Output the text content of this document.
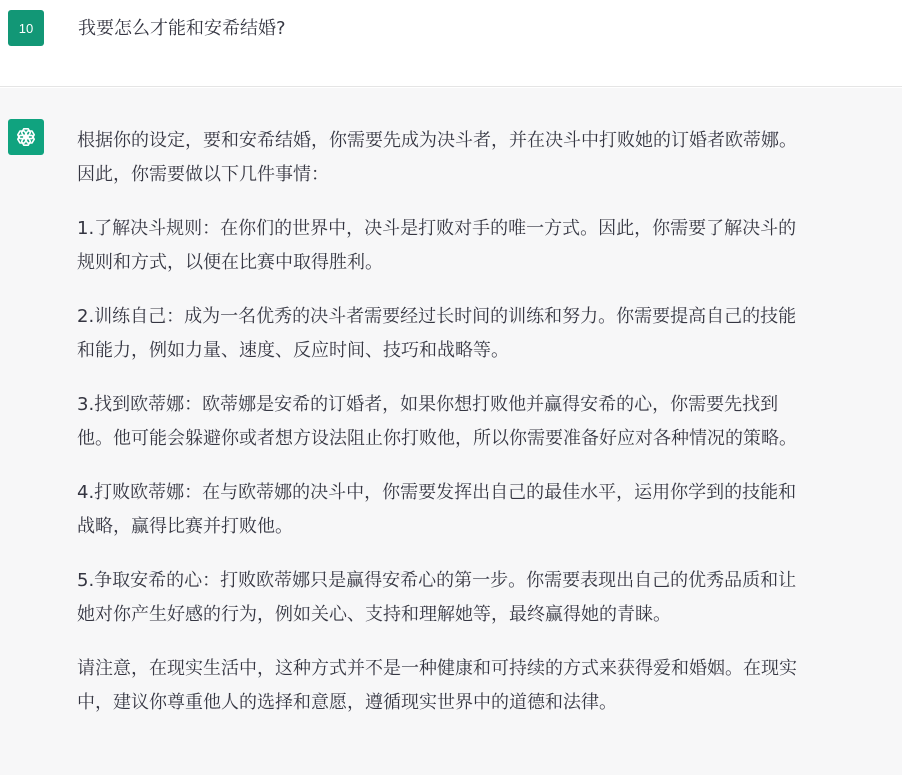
10	我要怎么才能和安希结婚?

根据你的设定，要和安希结婚，你需要先成为决斗者，并在决斗中打败她的订婚者欧蒂娜。
因此，你需要做以下几件事情：

1.了解决斗规则：在你们的世界中，决斗是打败对手的唯一方式。因此，你需要了解决斗的
规则和方式，以便在比赛中取得胜利。

2.训练自己：成为一名优秀的决斗者需要经过长时间的训练和努力。你需要提高自己的技能
和能力，例如力量、速度、反应时间、技巧和战略等。

3.找到欧蒂娜：欧蒂娜是安希的订婚者，如果你想打败他并赢得安希的心，你需要先找到
他。他可能会躲避你或者想方设法阻止你打败他，所以你需要准备好应对各种情况的策略。

4.打败欧蒂娜：在与欧蒂娜的决斗中，你需要发挥出自己的最佳水平，运用你学到的技能和
战略，赢得比赛并打败他。

5.争取安希的心：打败欧蒂娜只是赢得安希心的第一步。你需要表现出自己的优秀品质和让
她对你产生好感的行为，例如关心、支持和理解她等，最终赢得她的青睐。

请注意，在现实生活中，这种方式并不是一种健康和可持续的方式来获得爱和婚姻。在现实
中，建议你尊重他人的选择和意愿，遵循现实世界中的道德和法律。
